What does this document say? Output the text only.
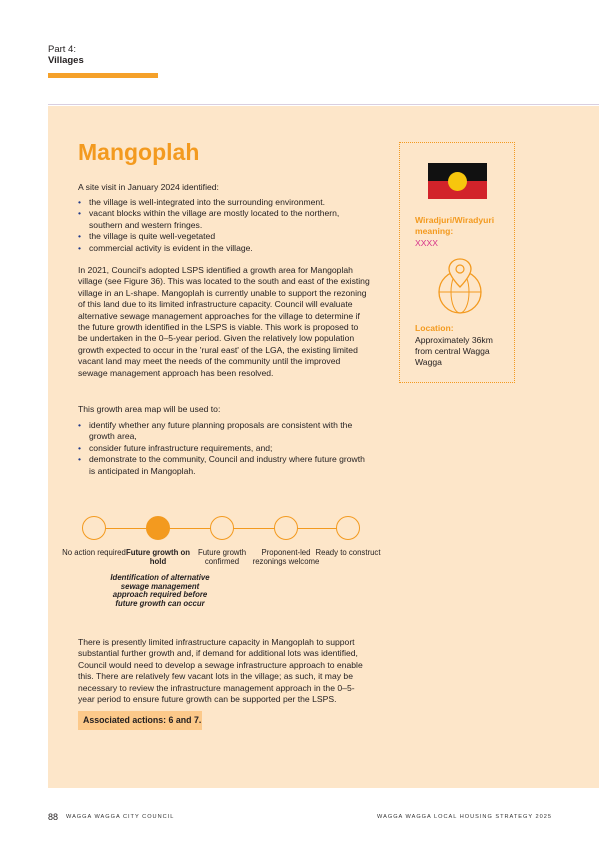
Part 4:
Villages
Mangoplah

A site visit in January 2024 identified:

• the village is well-integrated into the surrounding environment.
• vacant blocks within the village are mostly located to the northern, southern and western fringes.
• the village is quite well-vegetated
• commercial activity is evident in the village.

In 2021, Council's adopted LSPS identified a growth area for Mangoplah village (see Figure 36). This was located to the south and east of the existing village in an L-shape. Mangoplah is currently unable to support the rezoning of this land due to its limited infrastructure capacity. Council will evaluate alternative sewage management approaches for the village to determine if the future growth identified in the LSPS is viable. This work is proposed to be undertaken in the 0–5-year period. Given the relatively low population growth expected to occur in the 'rural east' of the LGA, the existing limited vacant land may meet the needs of the community until the improved sewage management approach has been resolved.

This growth area map will be used to:

• identify whether any future planning proposals are consistent with the growth area,
• consider future infrastructure requirements, and;
• demonstrate to the community, Council and industry where future growth is anticipated in Mangoplah.
Wiradjuri/Wiradyuri meaning:
XXXX
Location:
Approximately 36km from central Wagga Wagga
No action required Future growth on hold
Future growth confirmed
Proponent-led rezonings welcome
Ready to construct
Identification of alternative sewage management approach required before future growth can occur

There is presently limited infrastructure capacity in Mangoplah to support substantial further growth and, if demand for additional lots was identified, Council would need to develop a sewage infrastructure approach to enable this. There are relatively few vacant lots in the village; as such, it may be necessary to review the infrastructure management approach in the 0–5-year period to ensure future growth can be supported per the LSPS.

Associated actions: 6 and 7.
88 WAGGA WAGGA CITY COUNCIL	WAGGA WAGGA LOCAL HOUSING STRATEGY 2025
